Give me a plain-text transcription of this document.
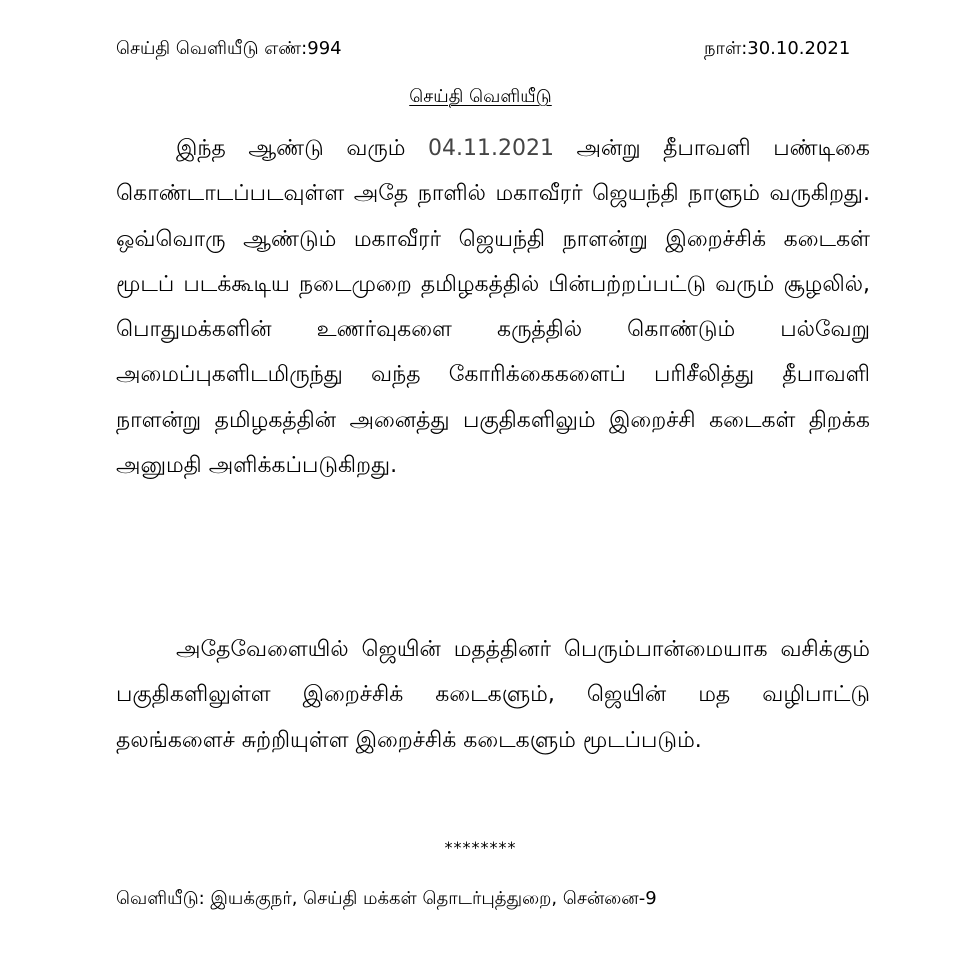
செய்தி வெளியீடு எண்:994	நாள்:30.10.2021
செய்தி வெளியீடு

இந்த ஆண்டு வரும் 04.11.2021 அன்று தீபாவளி பண்டிகை கொண்டாடப்படவுள்ள அதே நாளில் மகாவீரர் ஜெயந்தி நாளும் வருகிறது. ஒவ்வொரு ஆண்டும் மகாவீரர் ஜெயந்தி நாளன்று இறைச்சிக் கடைகள் மூடப் படக்கூடிய நடைமுறை தமிழகத்தில் பின்பற்றப்பட்டு வரும் சூழலில், பொதுமக்களின் உணர்வுகளை கருத்தில் கொண்டும் பல்வேறு அமைப்புகளிடமிருந்து வந்த கோரிக்கைகளைப் பரிசீலித்து தீபாவளி நாளன்று தமிழகத்தின் அனைத்து பகுதிகளிலும் இறைச்சி கடைகள் திறக்க அனுமதி அளிக்கப்படுகிறது.

அதேவேளையில் ஜெயின் மதத்தினர் பெரும்பான்மையாக வசிக்கும் பகுதிகளிலுள்ள இறைச்சிக் கடைகளும், ஜெயின் மத வழிபாட்டு தலங்களைச் சுற்றியுள்ள இறைச்சிக் கடைகளும் மூடப்படும்.

********
வெளியீடு: இயக்குநர், செய்தி மக்கள் தொடர்புத்துறை, சென்னை-9
